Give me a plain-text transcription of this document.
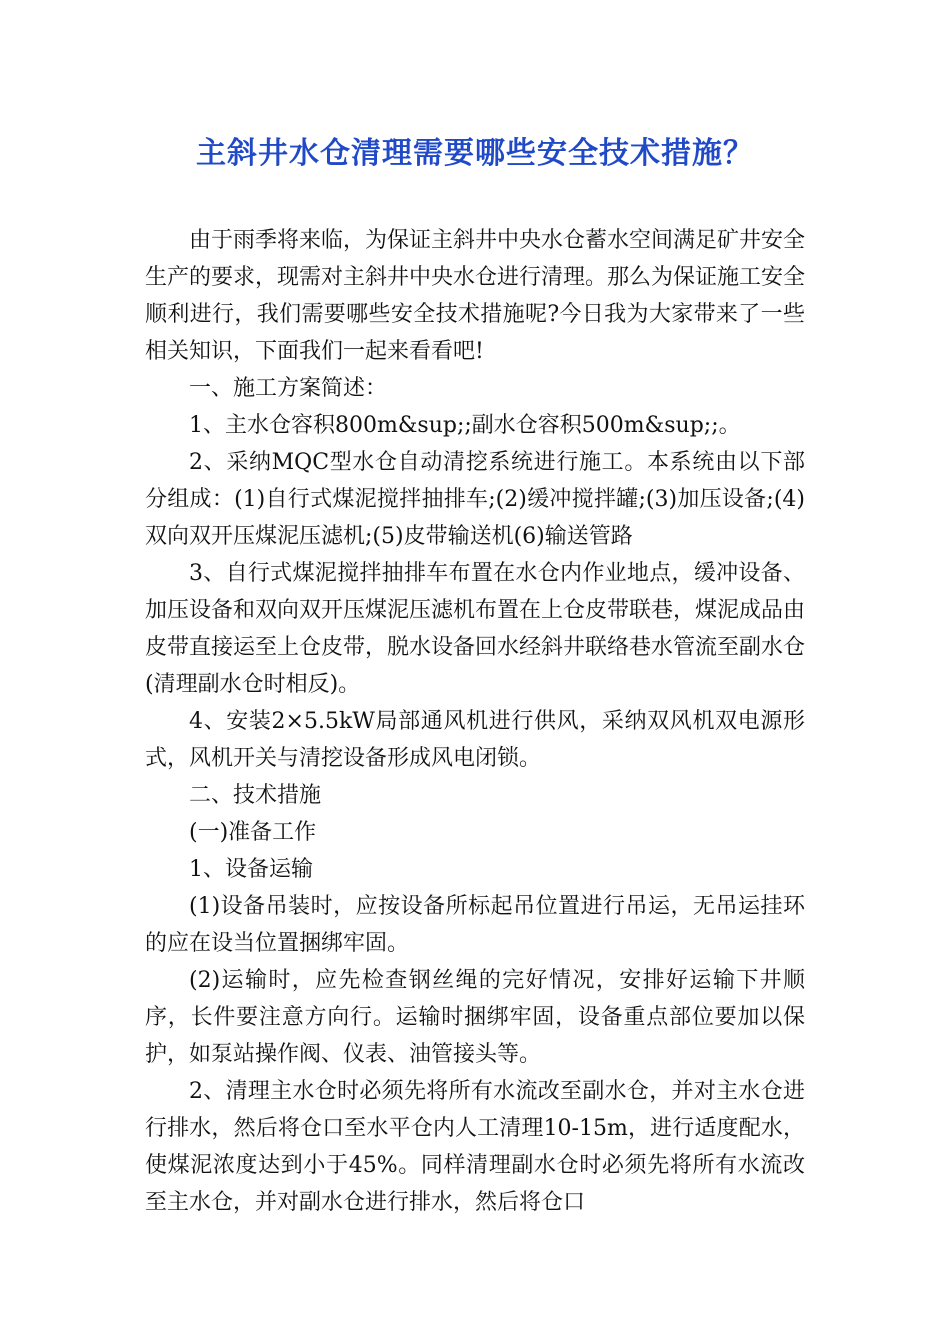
主斜井水仓清理需要哪些安全技术措施？

由于雨季将来临，为保证主斜井中央水仓蓄水空间满足矿井安全生产的要求，现需对主斜井中央水仓进行清理。那么为保证施工安全顺利进行，我们需要哪些安全技术措施呢?今日我为大家带来了一些相关知识，下面我们一起来看看吧!

一、施工方案简述：

1、主水仓容积800m&sup;;副水仓容积500m&sup;;。

2、采纳MQC型水仓自动清挖系统进行施工。本系统由以下部分组成：(1)自行式煤泥搅拌抽排车;(2)缓冲搅拌罐;(3)加压设备;(4)双向双开压煤泥压滤机;(5)皮带输送机(6)输送管路

3、自行式煤泥搅拌抽排车布置在水仓内作业地点，缓冲设备、加压设备和双向双开压煤泥压滤机布置在上仓皮带联巷，煤泥成品由皮带直接运至上仓皮带，脱水设备回水经斜井联络巷水管流至副水仓(清理副水仓时相反)。

4、安装2×5.5kW局部通风机进行供风，采纳双风机双电源形式，风机开关与清挖设备形成风电闭锁。

二、技术措施

(一)准备工作

1、设备运输

(1)设备吊装时，应按设备所标起吊位置进行吊运，无吊运挂环的应在设当位置捆绑牢固。

(2)运输时，应先检查钢丝绳的完好情况，安排好运输下井顺序，长件要注意方向行。运输时捆绑牢固，设备重点部位要加以保护，如泵站操作阀、仪表、油管接头等。

2、清理主水仓时必须先将所有水流改至副水仓，并对主水仓进行排水，然后将仓口至水平仓内人工清理10-15m，进行适度配水，使煤泥浓度达到小于45%。同样清理副水仓时必须先将所有水流改至主水仓，并对副水仓进行排水，然后将仓口
